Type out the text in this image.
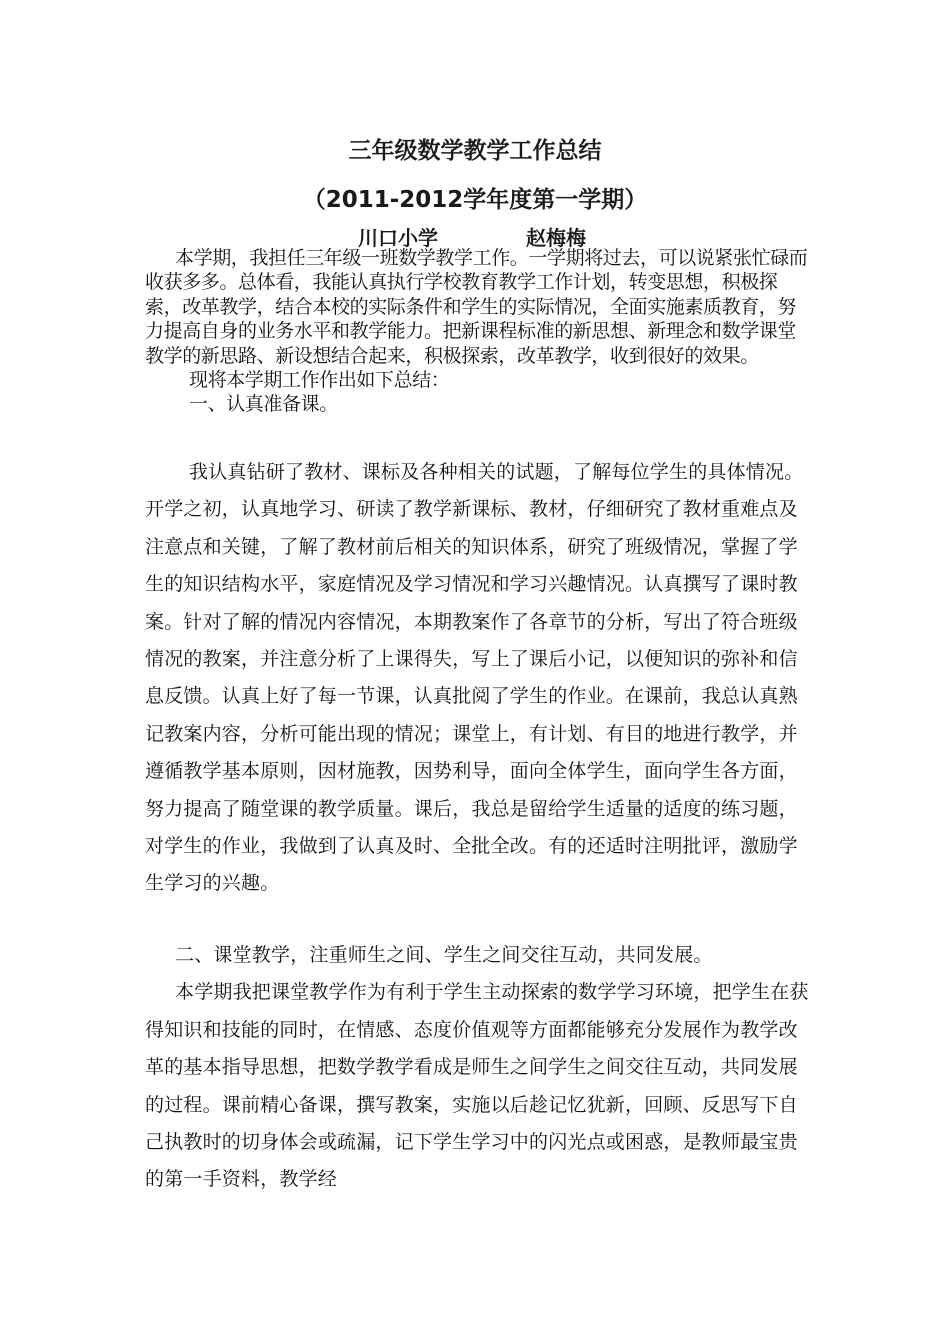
三年级数学教学工作总结
（2011-2012学年度第一学期）
川口小学	赵梅梅

本学期，我担任三年级一班数学教学工作。一学期将过去，可以说紧张忙碌而收获多多。总体看，我能认真执行学校教育教学工作计划，转变思想，积极探索，改革教学，结合本校的实际条件和学生的实际情况，全面实施素质教育，努力提高自身的业务水平和教学能力。把新课程标准的新思想、新理念和数学课堂教学的新思路、新设想结合起来，积极探索，改革教学，收到很好的效果。

现将本学期工作作出如下总结：

一、认真准备课。

我认真钻研了教材、课标及各种相关的试题，了解每位学生的具体情况。开学之初，认真地学习、研读了教学新课标、教材，仔细研究了教材重难点及注意点和关键，了解了教材前后相关的知识体系，研究了班级情况，掌握了学生的知识结构水平，家庭情况及学习情况和学习兴趣情况。认真撰写了课时教案。针对了解的情况内容情况，本期教案作了各章节的分析，写出了符合班级情况的教案，并注意分析了上课得失，写上了课后小记，以便知识的弥补和信息反馈。认真上好了每一节课，认真批阅了学生的作业。在课前，我总认真熟记教案内容，分析可能出现的情况；课堂上，有计划、有目的地进行教学，并遵循教学基本原则，因材施教，因势利导，面向全体学生，面向学生各方面，努力提高了随堂课的教学质量。课后，我总是留给学生适量的适度的练习题，对学生的作业，我做到了认真及时、全批全改。有的还适时注明批评，激励学生学习的兴趣。

二、课堂教学，注重师生之间、学生之间交往互动，共同发展。

本学期我把课堂教学作为有利于学生主动探索的数学学习环境，把学生在获得知识和技能的同时，在情感、态度价值观等方面都能够充分发展作为教学改革的基本指导思想，把数学教学看成是师生之间学生之间交往互动，共同发展的过程。课前精心备课，撰写教案，实施以后趁记忆犹新，回顾、反思写下自己执教时的切身体会或疏漏，记下学生学习中的闪光点或困惑，是教师最宝贵的第一手资料，教学经
